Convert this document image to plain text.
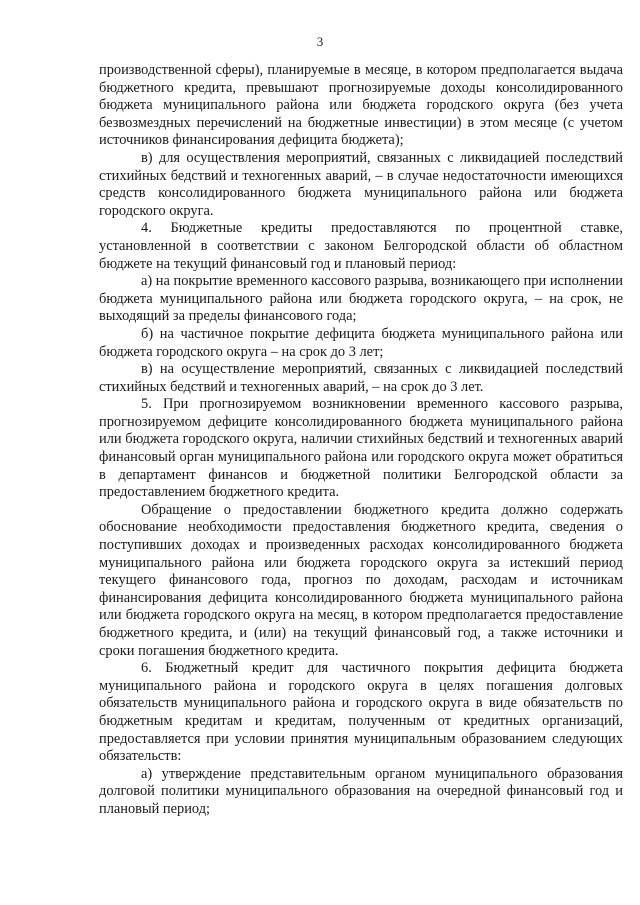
3

производственной сферы), планируемые в месяце, в котором предполагается выдача бюджетного кредита, превышают прогнозируемые доходы консолидированного бюджета муниципального района или бюджета городского округа (без учета безвозмездных перечислений на бюджетные инвестиции) в этом месяце (с учетом источников финансирования дефицита бюджета);

в) для осуществления мероприятий, связанных с ликвидацией последствий стихийных бедствий и техногенных аварий, – в случае недостаточности имеющихся средств консолидированного бюджета муниципального района или бюджета городского округа.

4. Бюджетные кредиты предоставляются по процентной ставке, установленной в соответствии с законом Белгородской области об областном бюджете на текущий финансовый год и плановый период:

а) на покрытие временного кассового разрыва, возникающего при исполнении бюджета муниципального района или бюджета городского округа, – на срок, не выходящий за пределы финансового года;

б) на частичное покрытие дефицита бюджета муниципального района или бюджета городского округа – на срок до 3 лет;

в) на осуществление мероприятий, связанных с ликвидацией последствий стихийных бедствий и техногенных аварий, – на срок до 3 лет.

5. При прогнозируемом возникновении временного кассового разрыва, прогнозируемом дефиците консолидированного бюджета муниципального района или бюджета городского округа, наличии стихийных бедствий и техногенных аварий финансовый орган муниципального района или городского округа может обратиться в департамент финансов и бюджетной политики Белгородской области за предоставлением бюджетного кредита.

Обращение о предоставлении бюджетного кредита должно содержать обоснование необходимости предоставления бюджетного кредита, сведения о поступивших доходах и произведенных расходах консолидированного бюджета муниципального района или бюджета городского округа за истекший период текущего финансового года, прогноз по доходам, расходам и источникам финансирования дефицита консолидированного бюджета муниципального района или бюджета городского округа на месяц, в котором предполагается предоставление бюджетного кредита, и (или) на текущий финансовый год, а также источники и сроки погашения бюджетного кредита.

6. Бюджетный кредит для частичного покрытия дефицита бюджета муниципального района и городского округа в целях погашения долговых обязательств муниципального района и городского округа в виде обязательств по бюджетным кредитам и кредитам, полученным от кредитных организаций, предоставляется при условии принятия муниципальным образованием следующих обязательств:

а) утверждение представительным органом муниципального образования долговой политики муниципального образования на очередной финансовый год и плановый период;
